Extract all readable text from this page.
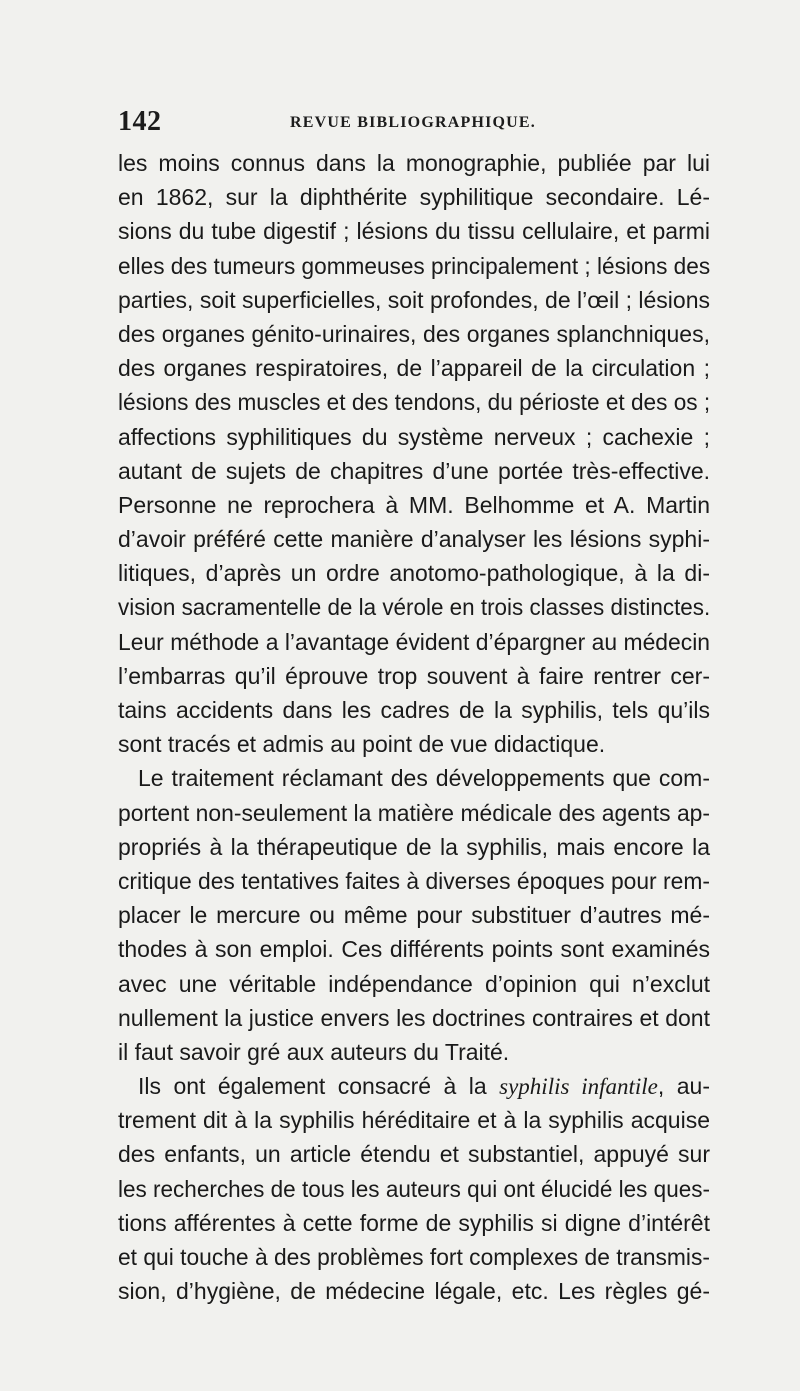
142	REVUE BIBLIOGRAPHIQUE.
les moins connus dans la monographie, publiée par lui
en 1862, sur la diphthérite syphilitique secondaire. Lé-
sions du tube digestif ; lésions du tissu cellulaire, et parmi
elles des tumeurs gommeuses principalement ; lésions des
parties, soit superficielles, soit profondes, de l’œil ; lésions
des organes génito-urinaires, des organes splanchniques,
des organes respiratoires, de l’appareil de la circulation ;
lésions des muscles et des tendons, du périoste et des os ;
affections syphilitiques du système nerveux ; cachexie ;
autant de sujets de chapitres d’une portée très-effective.
Personne ne reprochera à MM. Belhomme et A. Martin
d’avoir préféré cette manière d’analyser les lésions syphi-
litiques, d’après un ordre anotomo-pathologique, à la di-
vision sacramentelle de la vérole en trois classes distinctes.
Leur méthode a l’avantage évident d’épargner au médecin
l’embarras qu’il éprouve trop souvent à faire rentrer cer-
tains accidents dans les cadres de la syphilis, tels qu’ils
sont tracés et admis au point de vue didactique.
Le traitement réclamant des développements que com-
portent non-seulement la matière médicale des agents ap-
propriés à la thérapeutique de la syphilis, mais encore la
critique des tentatives faites à diverses époques pour rem-
placer le mercure ou même pour substituer d’autres mé-
thodes à son emploi. Ces différents points sont examinés
avec une véritable indépendance d’opinion qui n’exclut
nullement la justice envers les doctrines contraires et dont
il faut savoir gré aux auteurs du Traité.
Ils ont également consacré à la syphilis infantile, au-
trement dit à la syphilis héréditaire et à la syphilis acquise
des enfants, un article étendu et substantiel, appuyé sur
les recherches de tous les auteurs qui ont élucidé les ques-
tions afférentes à cette forme de syphilis si digne d’intérêt
et qui touche à des problèmes fort complexes de transmis-
sion, d’hygiène, de médecine légale, etc. Les règles gé-
